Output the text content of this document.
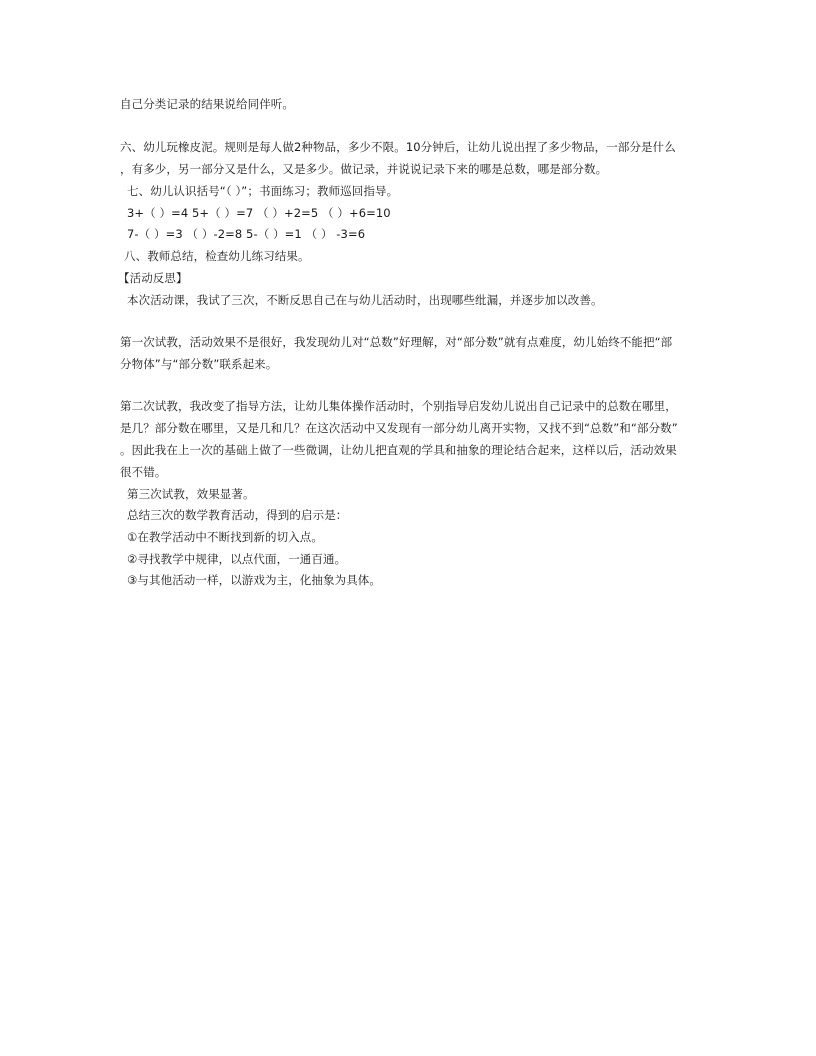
自己分类记录的结果说给同伴听。
六、幼儿玩橡皮泥。规则是每人做2种物品，多少不限。10分钟后，让幼儿说出捏了多少物品，一部分是什么
，有多少，另一部分又是什么，又是多少。做记录，并说说记录下来的哪是总数，哪是部分数。
七、幼儿认识括号“（ ）”；书面练习；教师巡回指导。
3+（ ）=4 5+（ ）=7 （ ）+2=5 （ ）+6=10
7-（ ）=3 （ ）-2=8 5-（ ）=1 （ ） -3=6
八、教师总结，检查幼儿练习结果。
【活动反思】
本次活动课，我试了三次，不断反思自己在与幼儿活动时，出现哪些纰漏，并逐步加以改善。
第一次试教，活动效果不是很好，我发现幼儿对“总数”好理解，对“部分数”就有点难度，幼儿始终不能把“部
分物体”与“部分数”联系起来。
第二次试教，我改变了指导方法，让幼儿集体操作活动时，个别指导启发幼儿说出自己记录中的总数在哪里，
是几？部分数在哪里，又是几和几？在这次活动中又发现有一部分幼儿离开实物，又找不到“总数”和“部分数”
。因此我在上一次的基础上做了一些微调，让幼儿把直观的学具和抽象的理论结合起来，这样以后，活动效果
很不错。
第三次试教，效果显著。
总结三次的数学教育活动，得到的启示是：
①在教学活动中不断找到新的切入点。
②寻找教学中规律，以点代面，一通百通。
③与其他活动一样，以游戏为主，化抽象为具体。
